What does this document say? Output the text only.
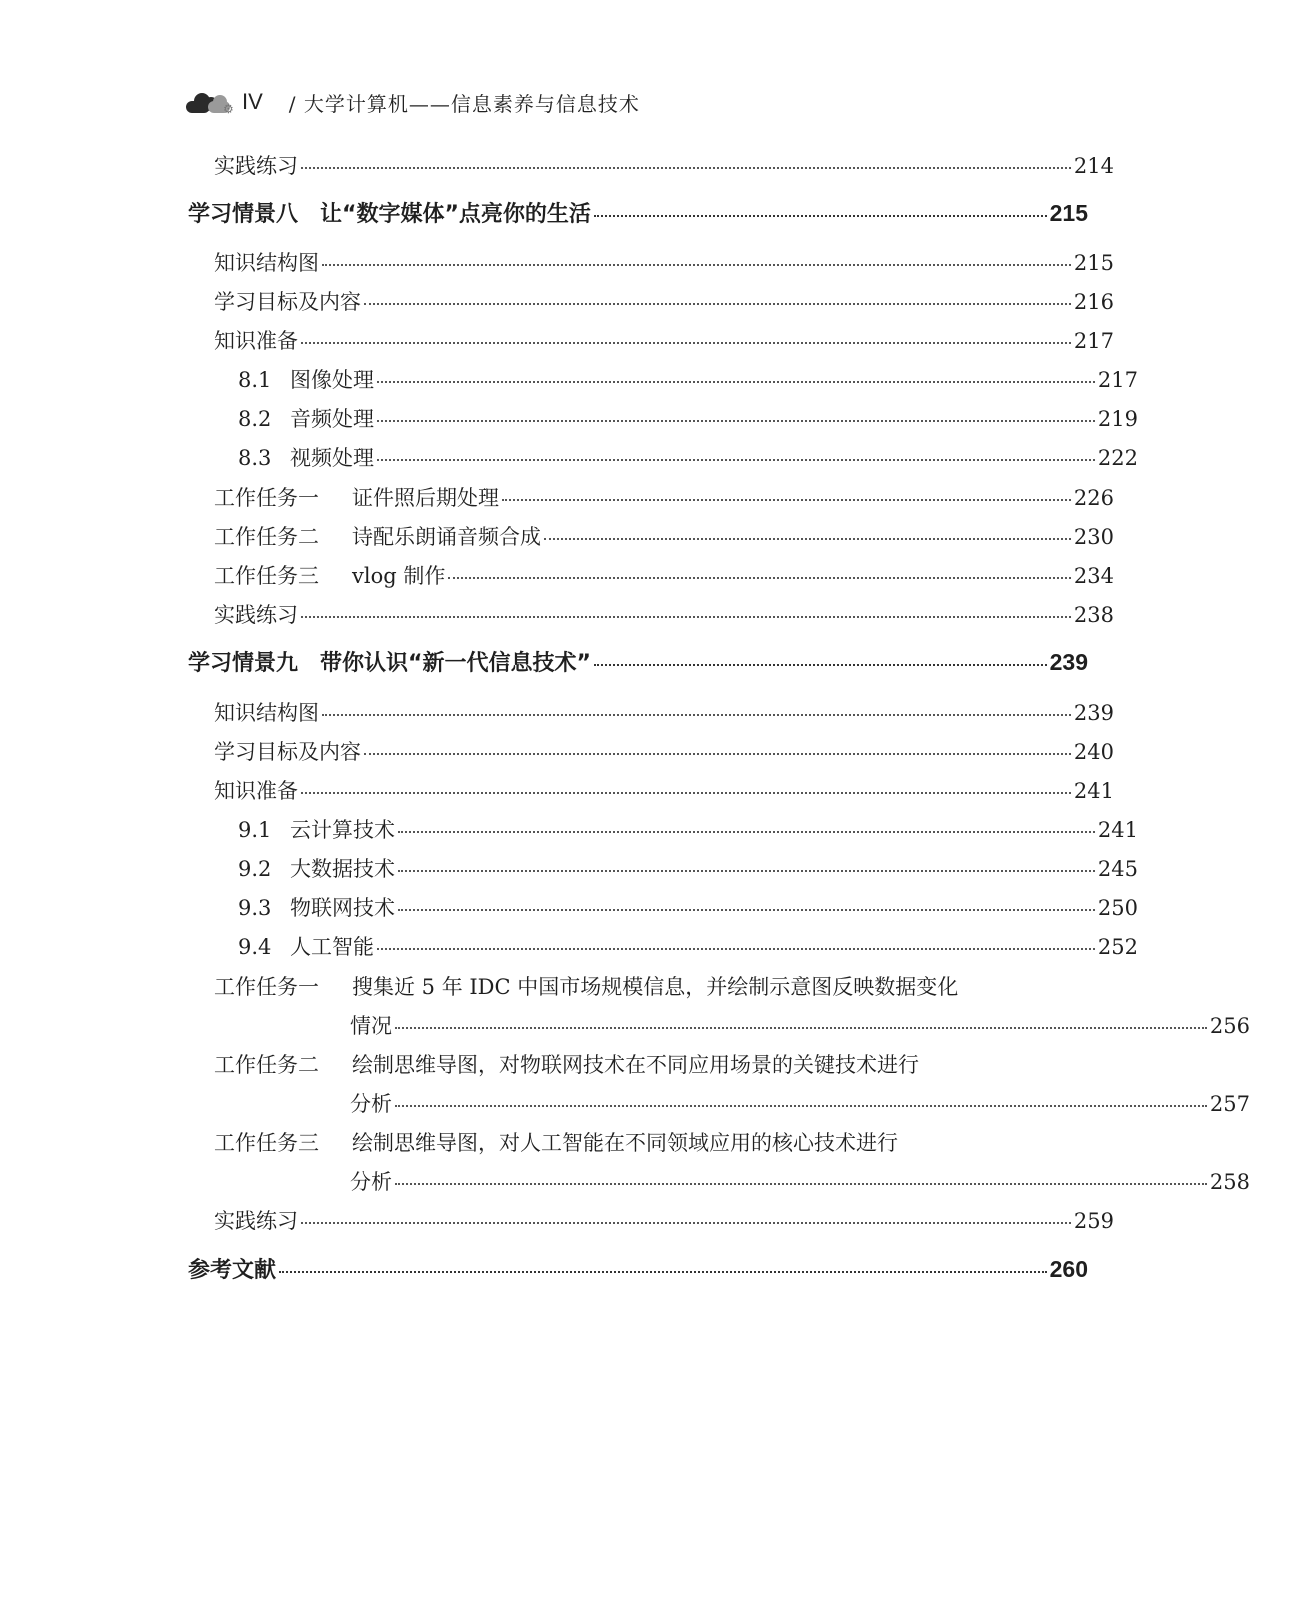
⚙ IV / 大学计算机——信息素养与信息技术
实践练习	214
学习情景八　让“数字媒体”点亮你的生活	215
知识结构图	215
学习目标及内容	216
知识准备	217
8.1 图像处理	217
8.2 音频处理	219
8.3 视频处理	222
工作任务一	证件照后期处理	226
工作任务二	诗配乐朗诵音频合成	230
工作任务三	vlog 制作	234
实践练习	238
学习情景九　带你认识“新一代信息技术”	239
知识结构图	239
学习目标及内容	240
知识准备	241
9.1 云计算技术	241
9.2 大数据技术	245
9.3 物联网技术	250
9.4 人工智能	252
工作任务一	搜集近 5 年 IDC 中国市场规模信息，并绘制示意图反映数据变化
情况	256
工作任务二	绘制思维导图，对物联网技术在不同应用场景的关键技术进行
分析	257
工作任务三	绘制思维导图，对人工智能在不同领域应用的核心技术进行
分析	258
实践练习	259
参考文献	260
